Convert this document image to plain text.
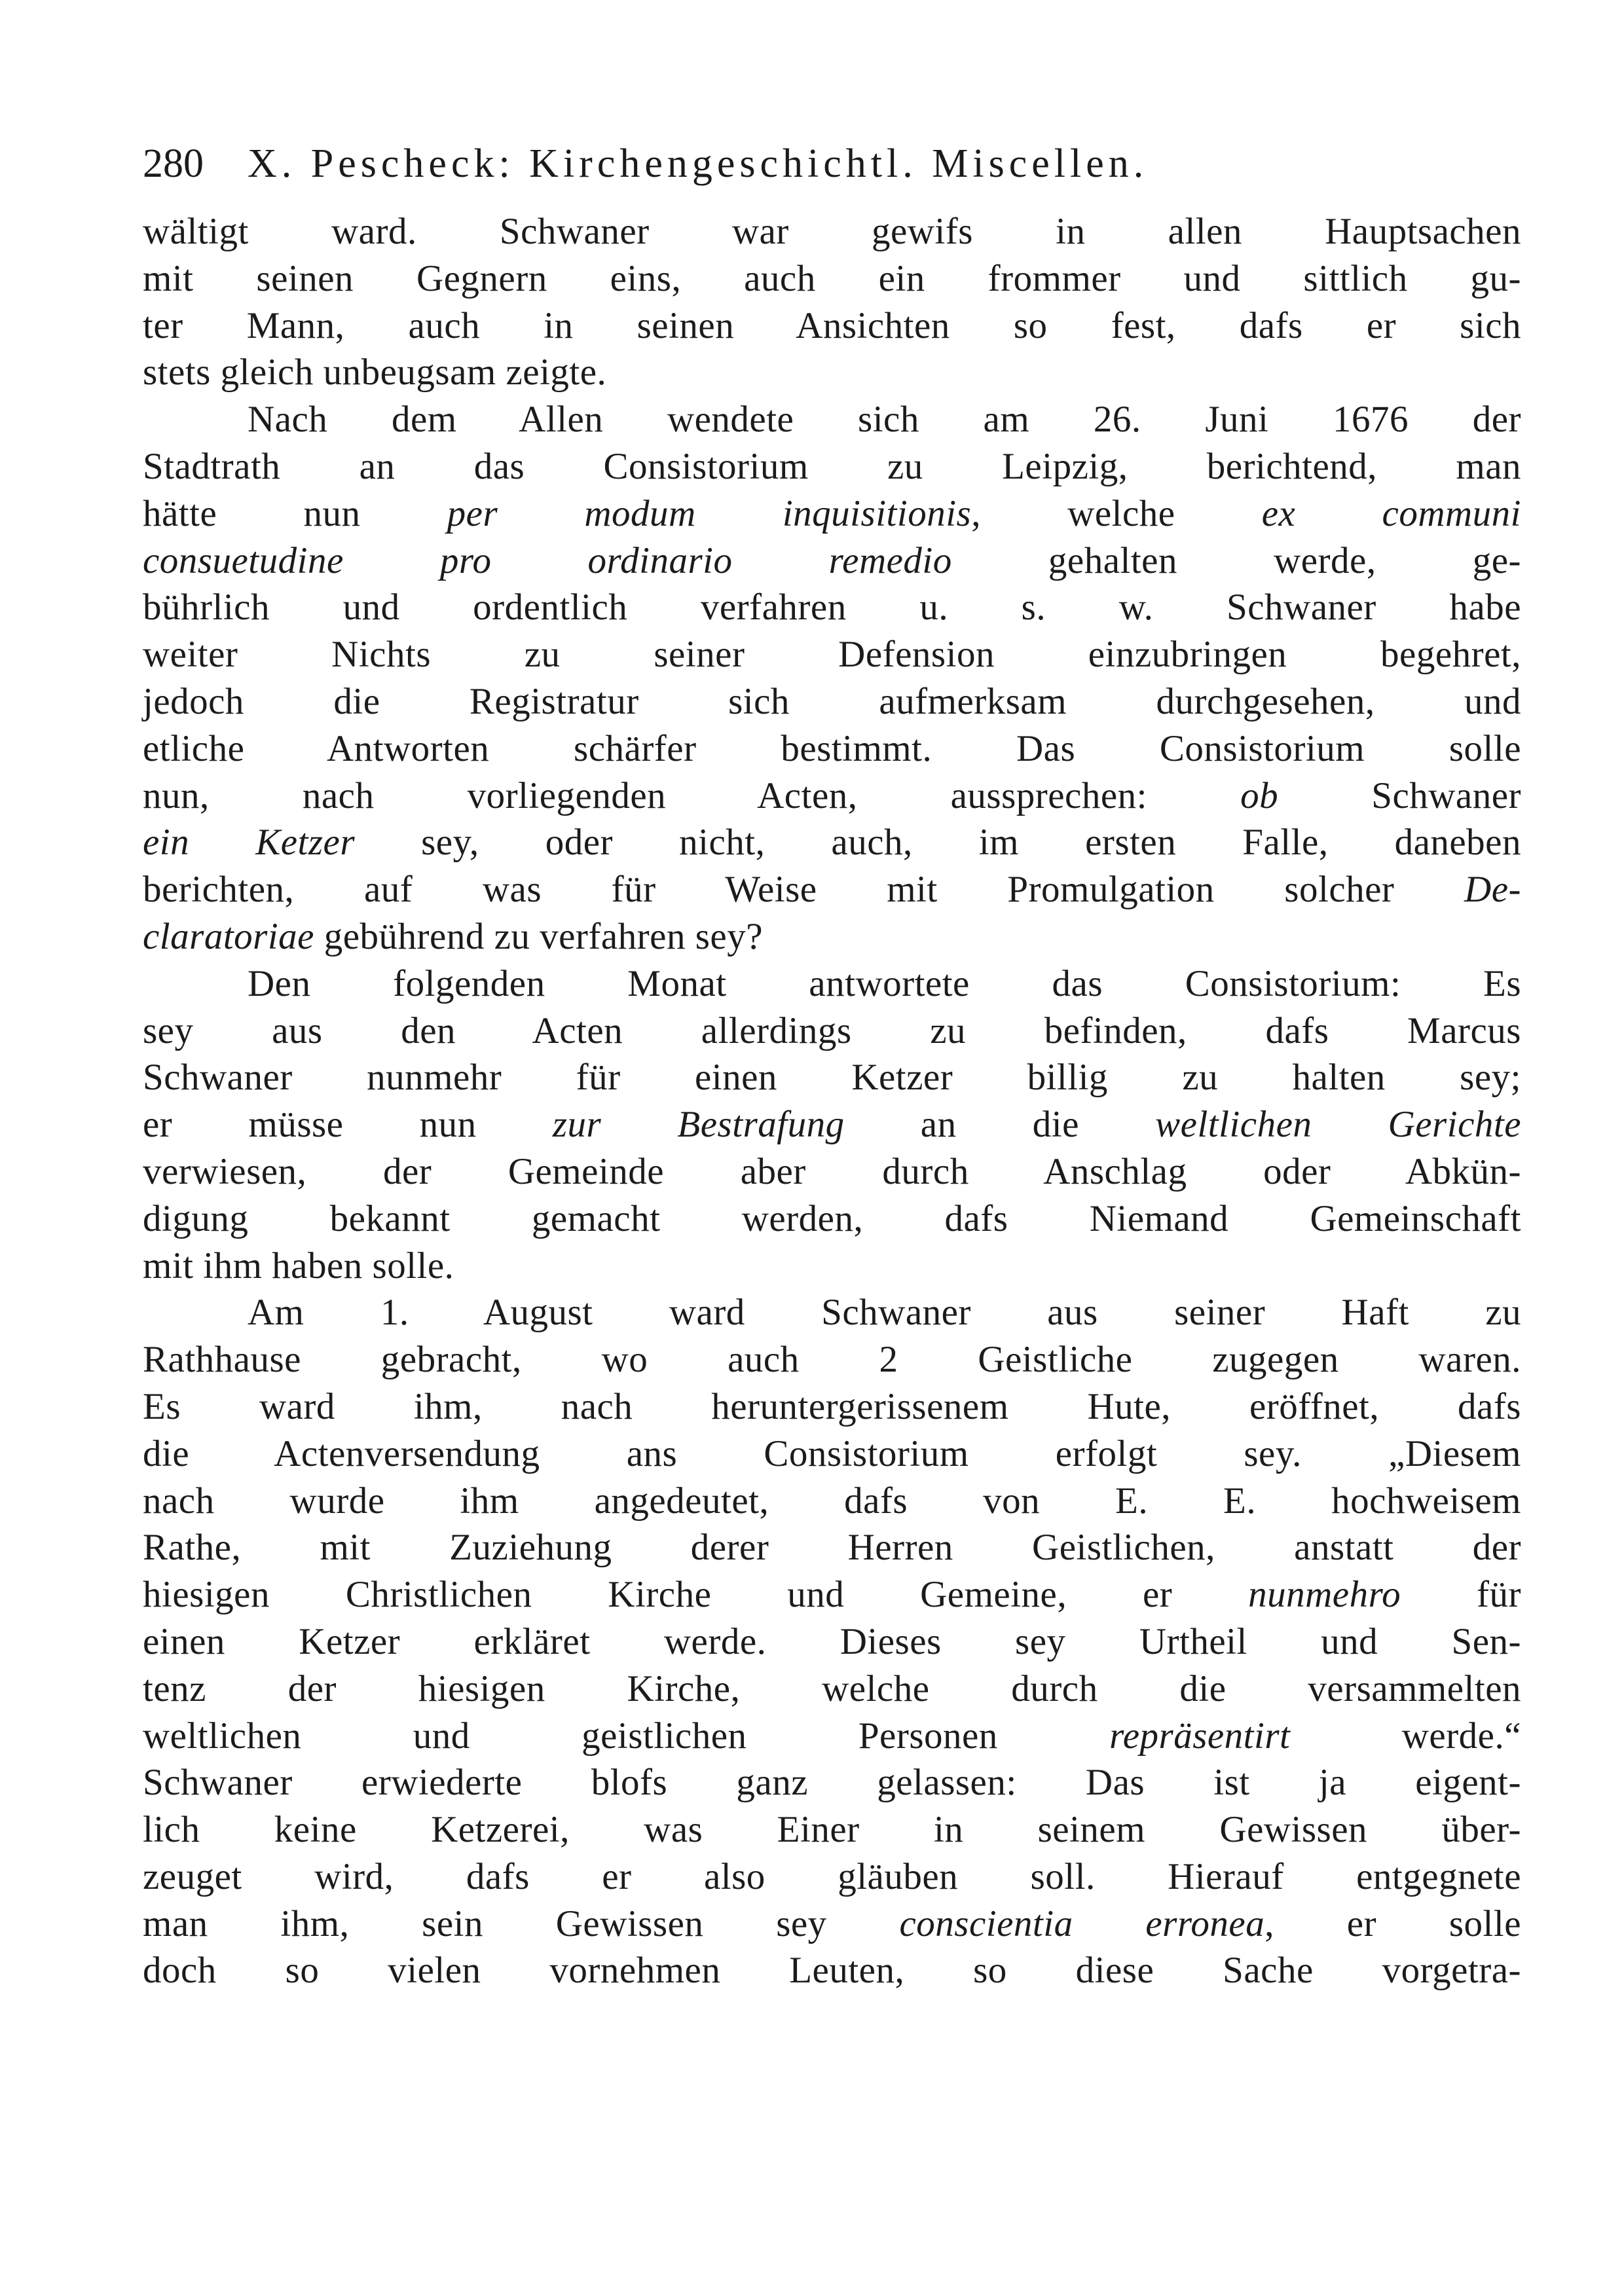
280 X. Pescheck: Kirchengeschichtl. Miscellen.
wältigt ward. Schwaner war gewifs in allen Hauptsachen
mit seinen Gegnern eins, auch ein frommer und sittlich gu-
ter Mann, auch in seinen Ansichten so fest, dafs er sich
stets gleich unbeugsam zeigte.
Nach dem Allen wendete sich am 26. Juni 1676 der
Stadtrath an das Consistorium zu Leipzig, berichtend, man
hätte nun per modum inquisitionis, welche ex communi
consuetudine pro ordinario remedio gehalten werde, ge-
bührlich und ordentlich verfahren u. s. w. Schwaner habe
weiter Nichts zu seiner Defension einzubringen begehret,
jedoch die Registratur sich aufmerksam durchgesehen, und
etliche Antworten schärfer bestimmt. Das Consistorium solle
nun, nach vorliegenden Acten, aussprechen: ob Schwaner
ein Ketzer sey, oder nicht, auch, im ersten Falle, daneben
berichten, auf was für Weise mit Promulgation solcher De-
claratoriae gebührend zu verfahren sey?
Den folgenden Monat antwortete das Consistorium: Es
sey aus den Acten allerdings zu befinden, dafs Marcus
Schwaner nunmehr für einen Ketzer billig zu halten sey;
er müsse nun zur Bestrafung an die weltlichen Gerichte
verwiesen, der Gemeinde aber durch Anschlag oder Abkün-
digung bekannt gemacht werden, dafs Niemand Gemeinschaft
mit ihm haben solle.
Am 1. August ward Schwaner aus seiner Haft zu
Rathhause gebracht, wo auch 2 Geistliche zugegen waren.
Es ward ihm, nach heruntergerissenem Hute, eröffnet, dafs
die Actenversendung ans Consistorium erfolgt sey. „Diesem
nach wurde ihm angedeutet, dafs von E. E. hochweisem
Rathe, mit Zuziehung derer Herren Geistlichen, anstatt der
hiesigen Christlichen Kirche und Gemeine, er nunmehro für
einen Ketzer erkläret werde. Dieses sey Urtheil und Sen-
tenz der hiesigen Kirche, welche durch die versammelten
weltlichen und geistlichen Personen repräsentirt werde.“
Schwaner erwiederte blofs ganz gelassen: Das ist ja eigent-
lich keine Ketzerei, was Einer in seinem Gewissen über-
zeuget wird, dafs er also gläuben soll. Hierauf entgegnete
man ihm, sein Gewissen sey conscientia erronea, er solle
doch so vielen vornehmen Leuten, so diese Sache vorgetra-
